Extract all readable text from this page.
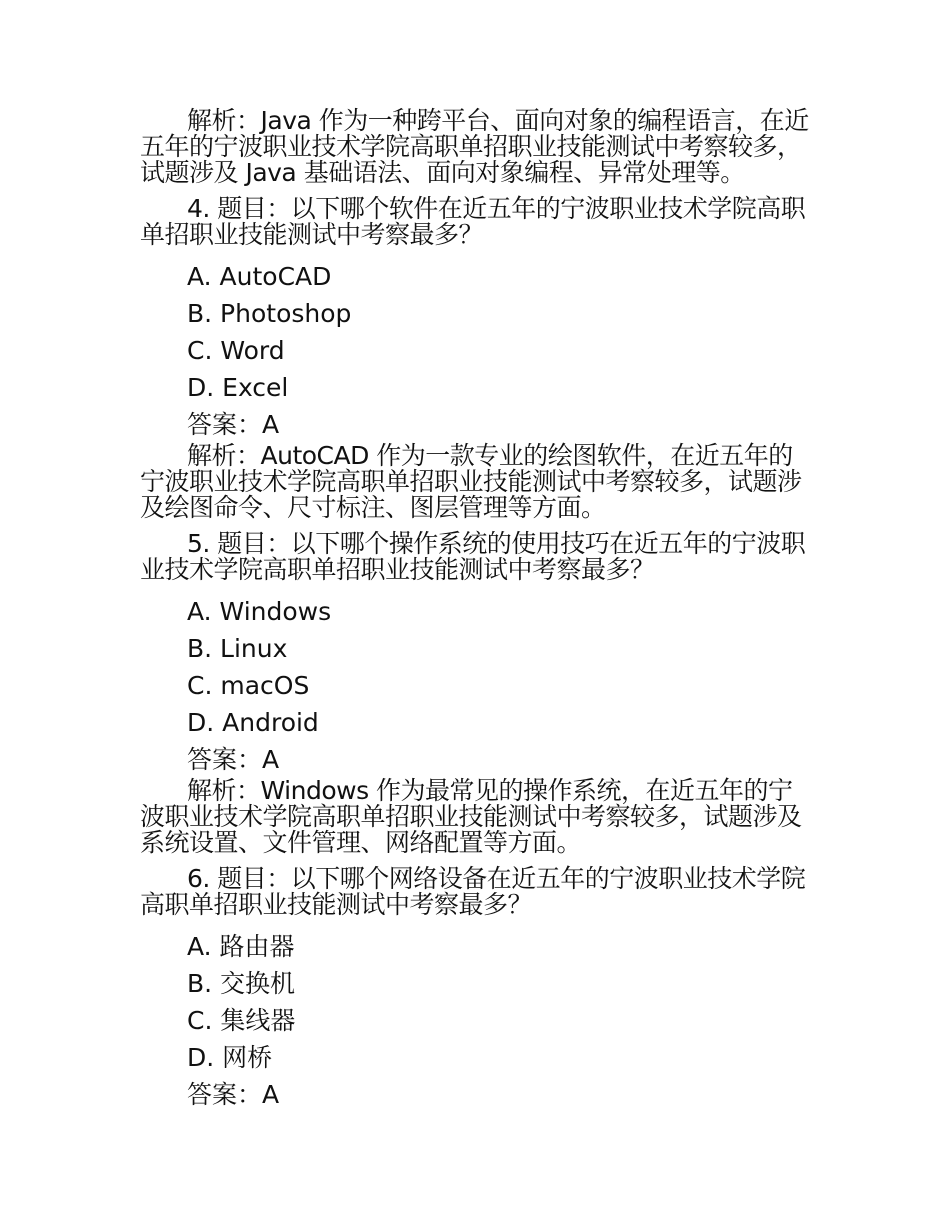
解析：Java 作为一种跨平台、面向对象的编程语言，在近五年的宁波职业技术学院高职单招职业技能测试中考察较多，试题涉及 Java 基础语法、面向对象编程、异常处理等。

4. 题目：以下哪个软件在近五年的宁波职业技术学院高职单招职业技能测试中考察最多？

A. AutoCAD

B. Photoshop

C. Word

D. Excel

答案：A

解析：AutoCAD 作为一款专业的绘图软件，在近五年的宁波职业技术学院高职单招职业技能测试中考察较多，试题涉及绘图命令、尺寸标注、图层管理等方面。

5. 题目：以下哪个操作系统的使用技巧在近五年的宁波职业技术学院高职单招职业技能测试中考察最多？

A. Windows

B. Linux

C. macOS

D. Android

答案：A

解析：Windows 作为最常见的操作系统，在近五年的宁波职业技术学院高职单招职业技能测试中考察较多，试题涉及系统设置、文件管理、网络配置等方面。

6. 题目：以下哪个网络设备在近五年的宁波职业技术学院高职单招职业技能测试中考察最多？

A. 路由器

B. 交换机

C. 集线器

D. 网桥

答案：A
